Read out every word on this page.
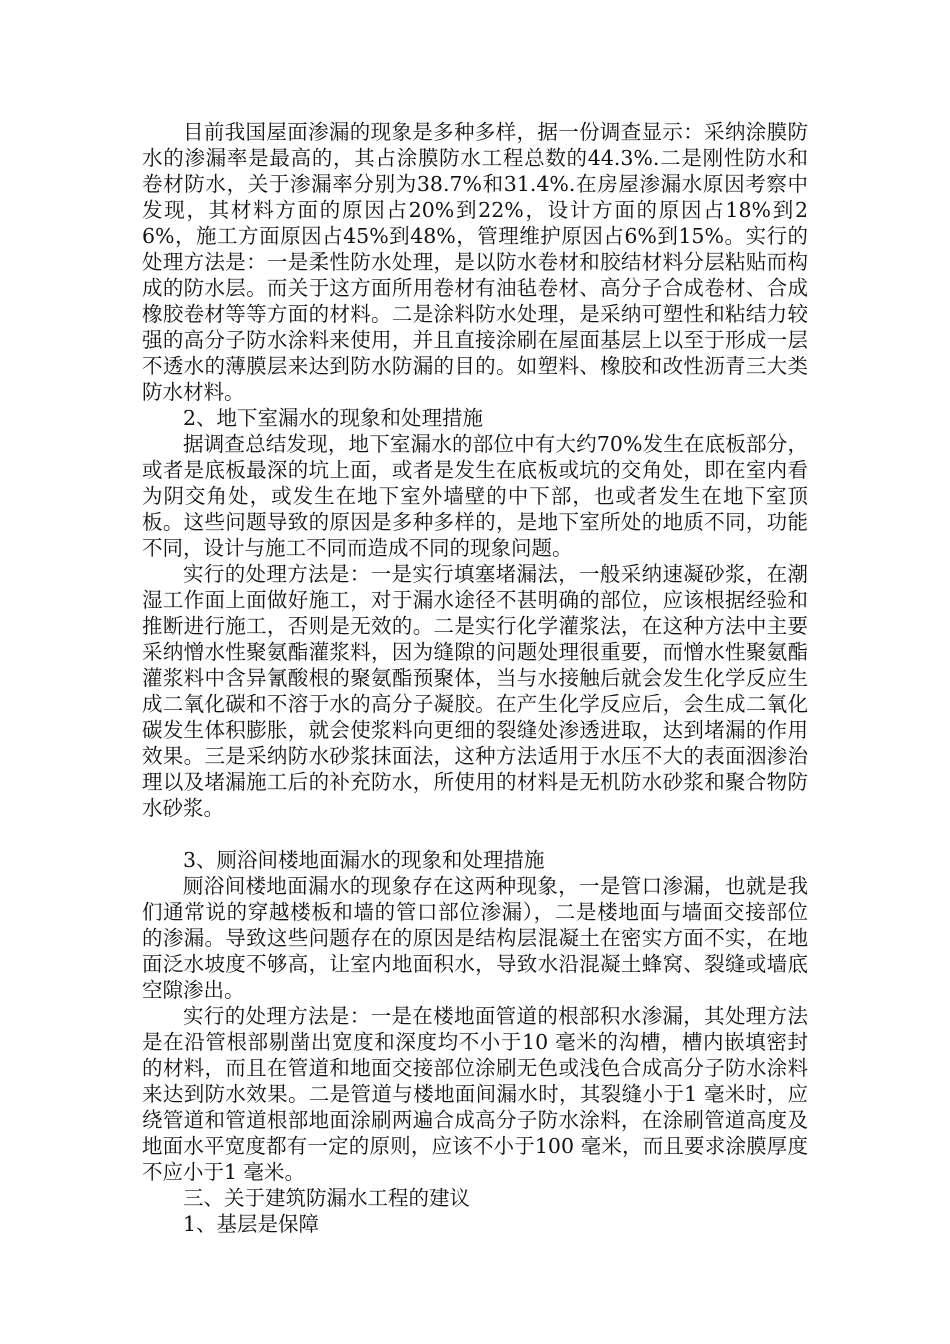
目前我国屋面渗漏的现象是多种多样，据一份调查显示：采纳涂膜防水的渗漏率是最高的，其占涂膜防水工程总数的44.3%.二是刚性防水和卷材防水，关于渗漏率分别为38.7%和31.4%.在房屋渗漏水原因考察中发现，其材料方面的原因占20%到22%，设计方面的原因占18%到26%，施工方面原因占45%到48%，管理维护原因占6%到15%。实行的处理方法是：一是柔性防水处理，是以防水卷材和胶结材料分层粘贴而构成的防水层。而关于这方面所用卷材有油毡卷材、高分子合成卷材、合成橡胶卷材等等方面的材料。二是涂料防水处理，是采纳可塑性和粘结力较强的高分子防水涂料来使用，并且直接涂刷在屋面基层上以至于形成一层不透水的薄膜层来达到防水防漏的目的。如塑料、橡胶和改性沥青三大类防水材料。

2、地下室漏水的现象和处理措施

据调查总结发现，地下室漏水的部位中有大约70%发生在底板部分，或者是底板最深的坑上面，或者是发生在底板或坑的交角处，即在室内看为阴交角处，或发生在地下室外墙壁的中下部，也或者发生在地下室顶板。这些问题导致的原因是多种多样的，是地下室所处的地质不同，功能不同，设计与施工不同而造成不同的现象问题。

实行的处理方法是：一是实行填塞堵漏法，一般采纳速凝砂浆，在潮湿工作面上面做好施工，对于漏水途径不甚明确的部位，应该根据经验和推断进行施工，否则是无效的。二是实行化学灌浆法，在这种方法中主要采纳憎水性聚氨酯灌浆料，因为缝隙的问题处理很重要，而憎水性聚氨酯灌浆料中含异氰酸根的聚氨酯预聚体，当与水接触后就会发生化学反应生成二氧化碳和不溶于水的高分子凝胶。在产生化学反应后，会生成二氧化碳发生体积膨胀，就会使浆料向更细的裂缝处渗透进取，达到堵漏的作用效果。三是采纳防水砂浆抹面法，这种方法适用于水压不大的表面洇渗治理以及堵漏施工后的补充防水，所使用的材料是无机防水砂浆和聚合物防水砂浆。

3、厕浴间楼地面漏水的现象和处理措施

厕浴间楼地面漏水的现象存在这两种现象，一是管口渗漏，也就是我们通常说的穿越楼板和墙的管口部位渗漏），二是楼地面与墙面交接部位的渗漏。导致这些问题存在的原因是结构层混凝土在密实方面不实，在地面泛水坡度不够高，让室内地面积水，导致水沿混凝土蜂窝、裂缝或墙底空隙渗出。

实行的处理方法是：一是在楼地面管道的根部积水渗漏，其处理方法是在沿管根部剔凿出宽度和深度均不小于10 毫米的沟槽，槽内嵌填密封的材料，而且在管道和地面交接部位涂刷无色或浅色合成高分子防水涂料来达到防水效果。二是管道与楼地面间漏水时，其裂缝小于1 毫米时，应绕管道和管道根部地面涂刷两遍合成高分子防水涂料，在涂刷管道高度及地面水平宽度都有一定的原则，应该不小于100 毫米，而且要求涂膜厚度不应小于1 毫米。

三、关于建筑防漏水工程的建议

1、基层是保障
